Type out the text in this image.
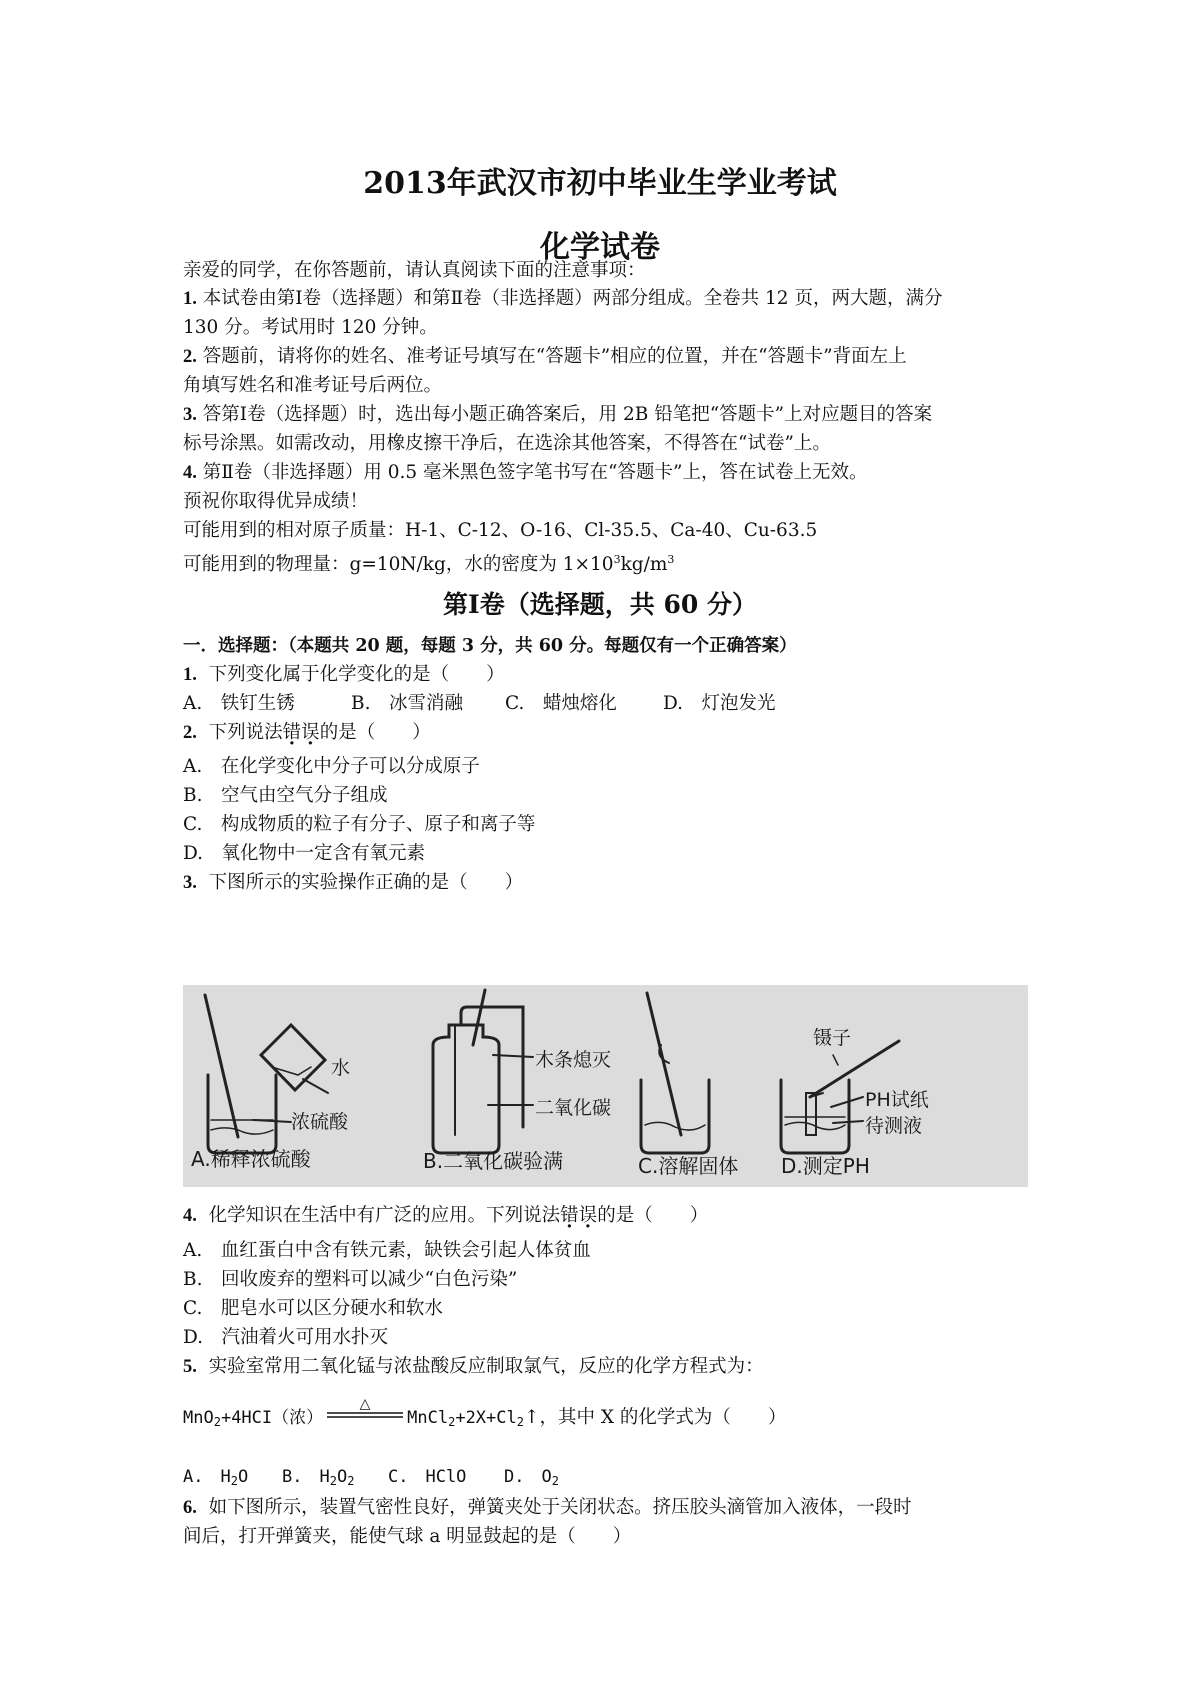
2013年武汉市初中毕业生学业考试
化学试卷
亲爱的同学，在你答题前，请认真阅读下面的注意事项：
1. 本试卷由第Ⅰ卷（选择题）和第Ⅱ卷（非选择题）两部分组成。全卷共 12 页，两大题，满分
130 分。考试用时 120 分钟。
2. 答题前，请将你的姓名、准考证号填写在“答题卡”相应的位置，并在“答题卡”背面左上
角填写姓名和准考证号后两位。
3. 答第Ⅰ卷（选择题）时，选出每小题正确答案后，用 2B 铅笔把“答题卡”上对应题目的答案
标号涂黑。如需改动，用橡皮擦干净后，在选涂其他答案，不得答在“试卷”上。
4. 第Ⅱ卷（非选择题）用 0.5 毫米黑色签字笔书写在“答题卡”上，答在试卷上无效。
预祝你取得优异成绩！
可能用到的相对原子质量：H-1、C-12、O-16、Cl-35.5、Ca-40、Cu-63.5
可能用到的物理量：g=10N/kg，水的密度为 $1\times 10^3kg/m^3$
第Ⅰ卷（选择题，共 60 分）
一．选择题：（本题共 20 题，每题 3 分，共 60 分。每题仅有一个正确答案）
1. 下列变化属于化学变化的是（　　）
A.　铁钉生锈	B.　冰雪消融 C.　蜡烛熔化 D.　灯泡发光
2. 下列说法错误的是（　　）
A.　在化学变化中分子可以分成原子
B.　空气由空气分子组成
C.　构成物质的粒子有分子、原子和离子等
D.　氧化物中一定含有氧元素
3. 下图所示的实验操作正确的是（　　）
水
浓硫酸
A.稀释浓硫酸
木条熄灭
二氧化碳
B.二氧化碳验满	C.溶解固体
镊子
PH试纸
待测液
D.测定PH
4. 化学知识在生活中有广泛的应用。下列说法错误的是（　　）
A.　血红蛋白中含有铁元素，缺铁会引起人体贫血
B.　回收废弃的塑料可以减少“白色污染”
C.　肥皂水可以区分硬水和软水
D.　汽油着火可用水扑灭
5. 实验室常用二氧化锰与浓盐酸反应制取氯气，反应的化学方程式为：
MnO$_2$+4HCI（浓）
△
$MnCl_2+2X+Cl_2↑$，其中 X 的化学式为（　　）
A.　$H_2O$ B.　$H_2O_2$ C.　HClO D.　$O_2$
6. 如下图所示，装置气密性良好，弹簧夹处于关闭状态。挤压胶头滴管加入液体，一段时
间后，打开弹簧夹，能使气球 a 明显鼓起的是（　　）
